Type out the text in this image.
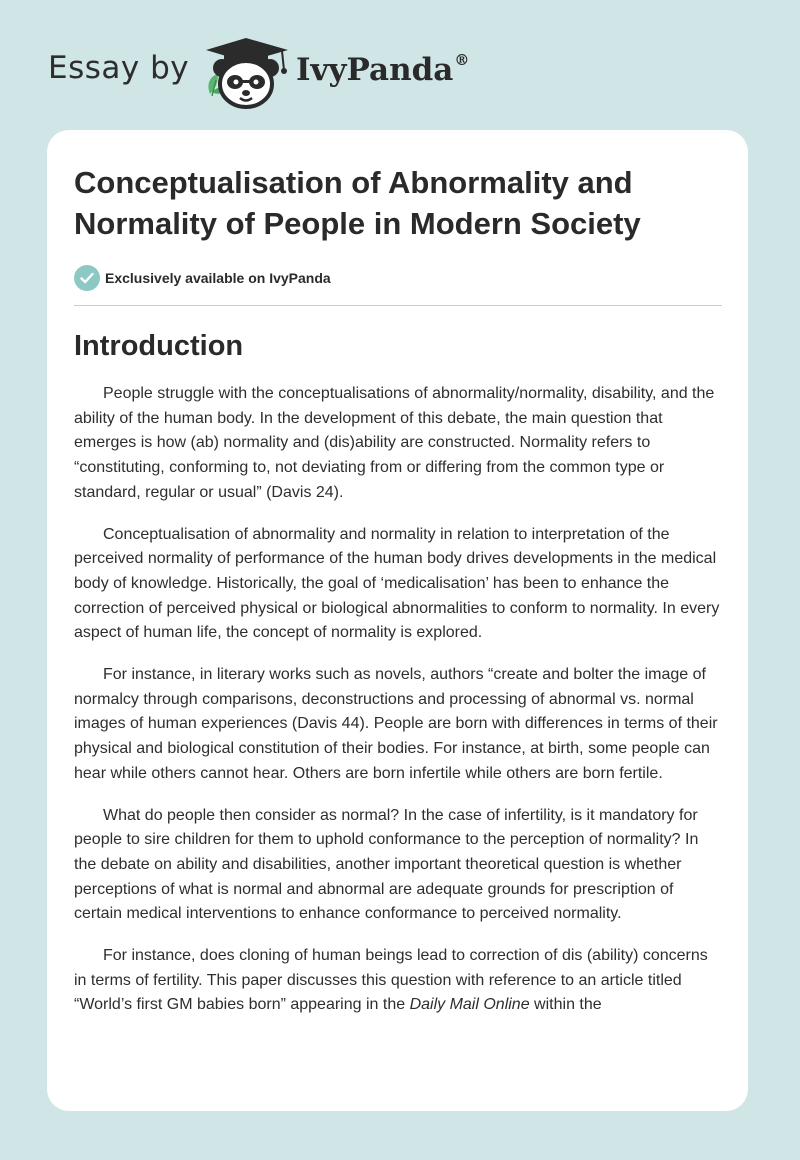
Essay by	IvyPanda®
Conceptualisation of Abnormality and Normality of People in Modern Society
Exclusively available on IvyPanda
Introduction

People struggle with the conceptualisations of abnormality/normality, disability, and the ability of the human body. In the development of this debate, the main question that emerges is how (ab) normality and (dis)ability are constructed. Normality refers to “constituting, conforming to, not deviating from or differing from the common type or standard, regular or usual” (Davis 24).

Conceptualisation of abnormality and normality in relation to interpretation of the perceived normality of performance of the human body drives developments in the medical body of knowledge. Historically, the goal of ‘medicalisation’ has been to enhance the correction of perceived physical or biological abnormalities to conform to normality. In every aspect of human life, the concept of normality is explored.

For instance, in literary works such as novels, authors “create and bolter the image of normalcy through comparisons, deconstructions and processing of abnormal vs. normal images of human experiences (Davis 44). People are born with differences in terms of their physical and biological constitution of their bodies. For instance, at birth, some people can hear while others cannot hear. Others are born infertile while others are born fertile.

What do people then consider as normal? In the case of infertility, is it mandatory for people to sire children for them to uphold conformance to the perception of normality? In the debate on ability and disabilities, another important theoretical question is whether perceptions of what is normal and abnormal are adequate grounds for prescription of certain medical interventions to enhance conformance to perceived normality.

For instance, does cloning of human beings lead to correction of dis (ability) concerns in terms of fertility. This paper discusses this question with reference to an article titled “World’s first GM babies born” appearing in the Daily Mail Online within the
